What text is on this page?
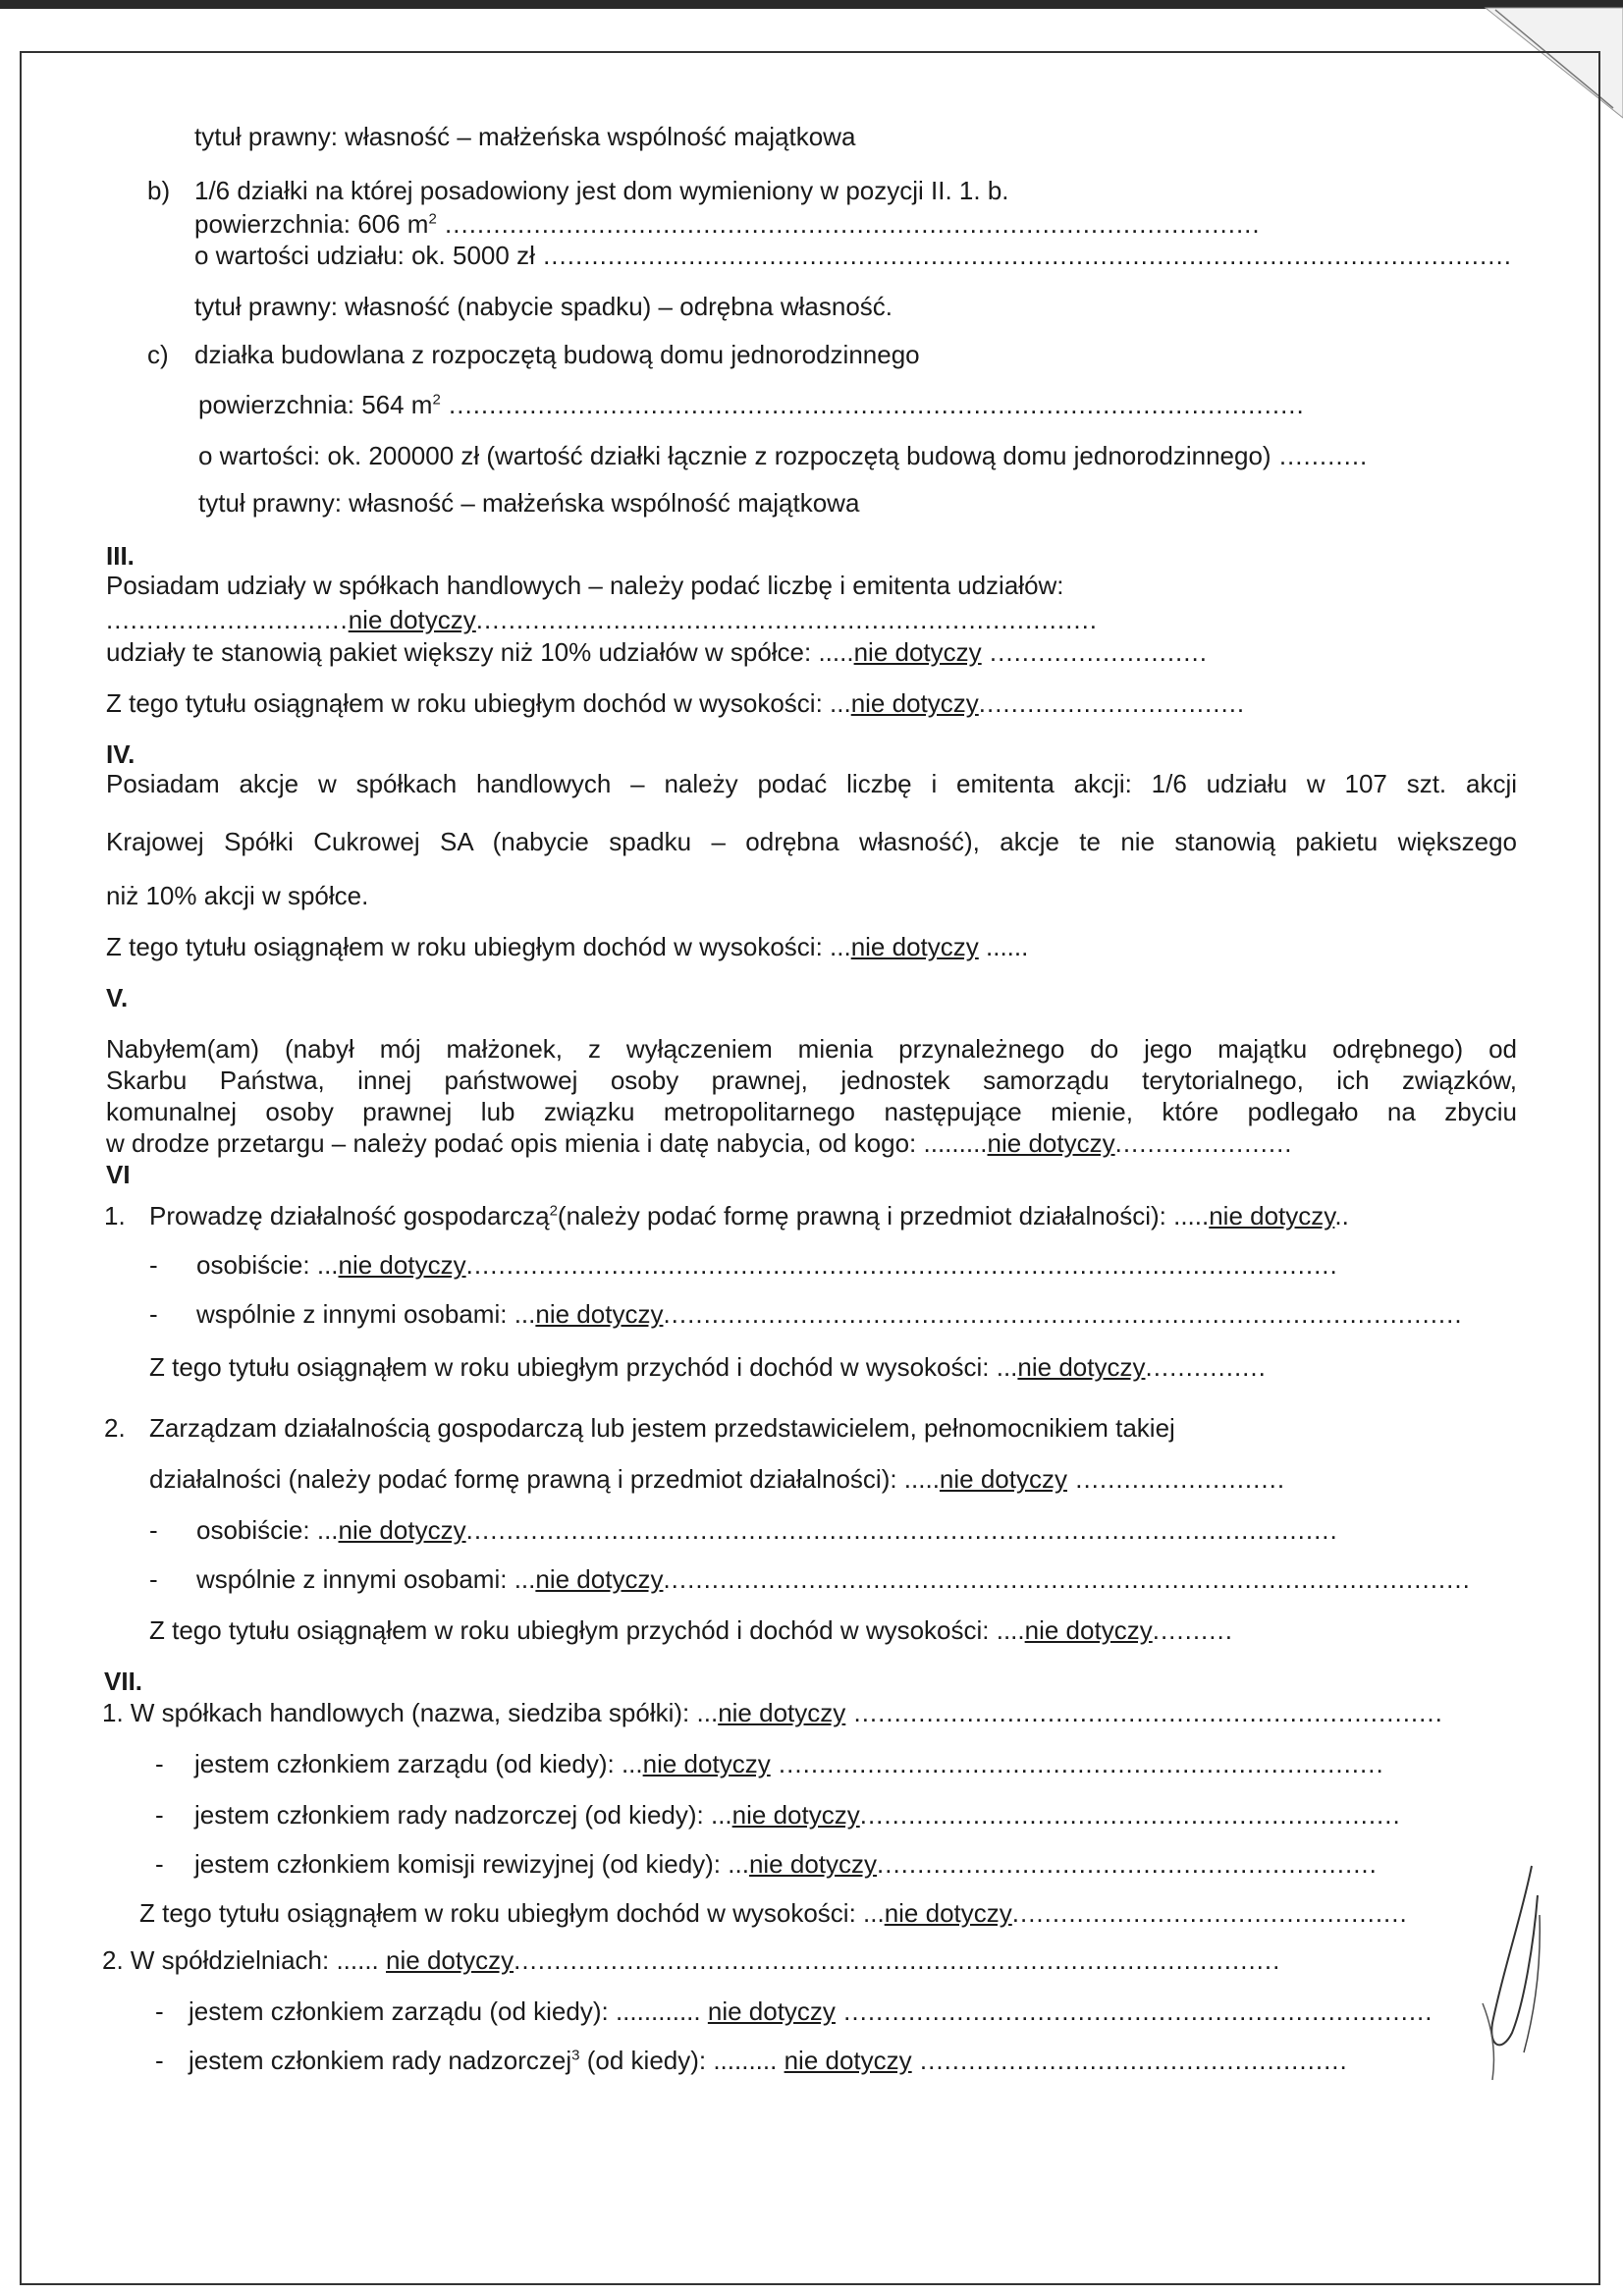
tytuł prawny: własność – małżeńska wspólność majątkowa
b) 1/6 działki na której posadowiony jest dom wymieniony w pozycji II. 1. b.
powierzchnia: 606 $m^2$ .....................................................................................................
o wartości udziału: ok. 5000 zł ........................................................................................................................
tytuł prawny: własność (nabycie spadku) – odrębna własność.
c) działka budowlana z rozpoczętą budową domu jednorodzinnego
powierzchnia: 564 $m^2$ ..........................................................................................................
o wartości: ok. 200000 zł (wartość działki łącznie z rozpoczętą budową domu jednorodzinnego) ...........
tytuł prawny: własność – małżeńska wspólność majątkowa
III.
Posiadam udziały w spółkach handlowych – należy podać liczbę i emitenta udziałów:
..............................nie dotyczy.............................................................................
udziały te stanowią pakiet większy niż 10% udziałów w spółce: .....nie dotyczy ...........................
Z tego tytułu osiągnąłem w roku ubiegłym dochód w wysokości: ...nie dotyczy.................................
IV.
Posiadam akcje w spółkach handlowych – należy podać liczbę i emitenta akcji: 1/6 udziału w 107 szt. akcji
Krajowej Spółki Cukrowej SA (nabycie spadku – odrębna własność), akcje te nie stanowią pakietu większego
niż 10% akcji w spółce.
Z tego tytułu osiągnąłem w roku ubiegłym dochód w wysokości: ...nie dotyczy ......
V.
Nabyłem(am) (nabył mój małżonek, z wyłączeniem mienia przynależnego do jego majątku odrębnego) od
Skarbu Państwa, innej państwowej osoby prawnej, jednostek samorządu terytorialnego, ich związków,
komunalnej osoby prawnej lub związku metropolitarnego następujące mienie, które podlegało na zbyciu
w drodze przetargu – należy podać opis mienia i datę nabycia, od kogo: .........nie dotyczy......................
VI
1. Prowadzę działalność gospodarczą$^2$(należy podać formę prawną i przedmiot działalności): .....nie dotyczy..
- osobiście: ...nie dotyczy............................................................................................................
- wspólnie z innymi osobami: ...nie dotyczy...................................................................................................
Z tego tytułu osiągnąłem w roku ubiegłym przychód i dochód w wysokości: ...nie dotyczy...............
2. Zarządzam działalnością gospodarczą lub jestem przedstawicielem, pełnomocnikiem takiej
działalności (należy podać formę prawną i przedmiot działalności): .....nie dotyczy ..........................
- osobiście: ...nie dotyczy............................................................................................................
- wspólnie z innymi osobami: ...nie dotyczy....................................................................................................
Z tego tytułu osiągnąłem w roku ubiegłym przychód i dochód w wysokości: ....nie dotyczy..........
VII.
1. W spółkach handlowych (nazwa, siedziba spółki): ...nie dotyczy .........................................................................
- jestem członkiem zarządu (od kiedy): ...nie dotyczy ...........................................................................
- jestem członkiem rady nadzorczej (od kiedy): ...nie dotyczy...................................................................
- jestem członkiem komisji rewizyjnej (od kiedy): ...nie dotyczy..............................................................
Z tego tytułu osiągnąłem w roku ubiegłym dochód w wysokości: ...nie dotyczy.................................................
2. W spółdzielniach: ...... nie dotyczy...............................................................................................
- jestem członkiem zarządu (od kiedy): ............ nie dotyczy .........................................................................
- jestem członkiem rady nadzorczej$^3$ (od kiedy): ......... nie dotyczy .....................................................
